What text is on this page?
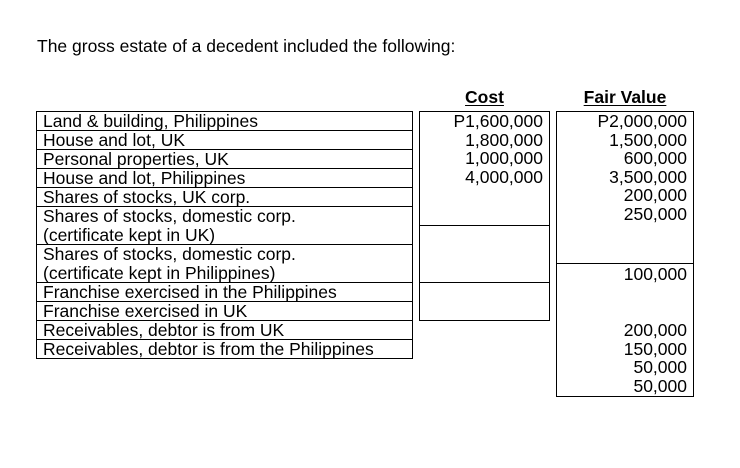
The gross estate of a decedent included the following:
Land & building, Philippines
House and lot, UK
Personal properties, UK
House and lot, Philippines
Shares of stocks, UK corp.
Shares of stocks, domestic corp.
(certificate kept in UK)
Shares of stocks, domestic corp.
(certificate kept in Philippines)
Franchise exercised in the Philippines
Franchise exercised in UK
Receivables, debtor is from UK
Receivables, debtor is from the Philippines
Cost
P1,600,000
1,800,000
1,000,000
4,000,000
Fair Value
P2,000,000
1,500,000
600,000
3,500,000
200,000
250,000
100,000
200,000
150,000
50,000
50,000
